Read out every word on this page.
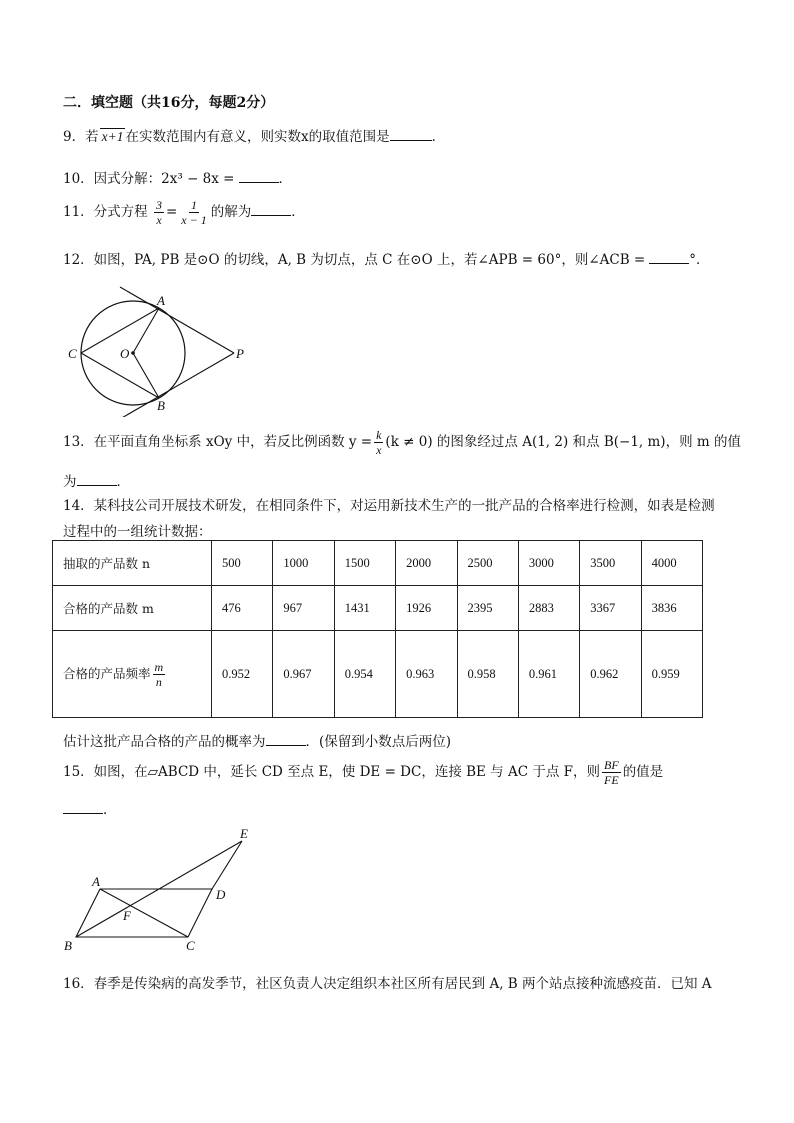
二．填空题（共16分，每题2分）
9．若 x+1 在实数范围内有意义，则实数x的取值范围是	．
10．因式分解：2x³ − 8x =	．
11．分式方程 $\frac{3}{x} = \frac{1}{x - 1}$ 的解为	．
12．如图，PA, PB 是⊙O 的切线，A, B 为切点，点 C 在⊙O 上，若∠APB = 60°，则∠ACB =	°．
A
B
C	O	P
13．在平面直角坐标系 xOy 中，若反比例函数 $y = \frac{k}{x} (k \ne 0)$ 的图象经过点 A(1, 2) 和点 B(−1, m)，则 m 的值
为	．
14．某科技公司开展技术研发，在相同条件下，对运用新技术生产的一批产品的合格率进行检测，如表是检测
过程中的一组统计数据：
抽取的产品数 n	500	1000	1500	2000	2500	3000	3500	4000
合格的产品数 m	476	967	1431	1926	2395	2883	3367	3836
合格的产品频率 $\frac{m}{n}$	0.952	0.967	0.954	0.963	0.958	0.961	0.962	0.959
估计这批产品合格的产品的概率为	．(保留到小数点后两位)
15．如图，在▱ABCD 中，延长 CD 至点 E，使 DE = DC，连接 BE 与 AC 于点 F，则 $\frac{BF}{FE}$ 的值是
．
A
B	C
D
E
F
16．春季是传染病的高发季节，社区负责人决定组织本社区所有居民到 A, B 两个站点接种流感疫苗．已知 A
